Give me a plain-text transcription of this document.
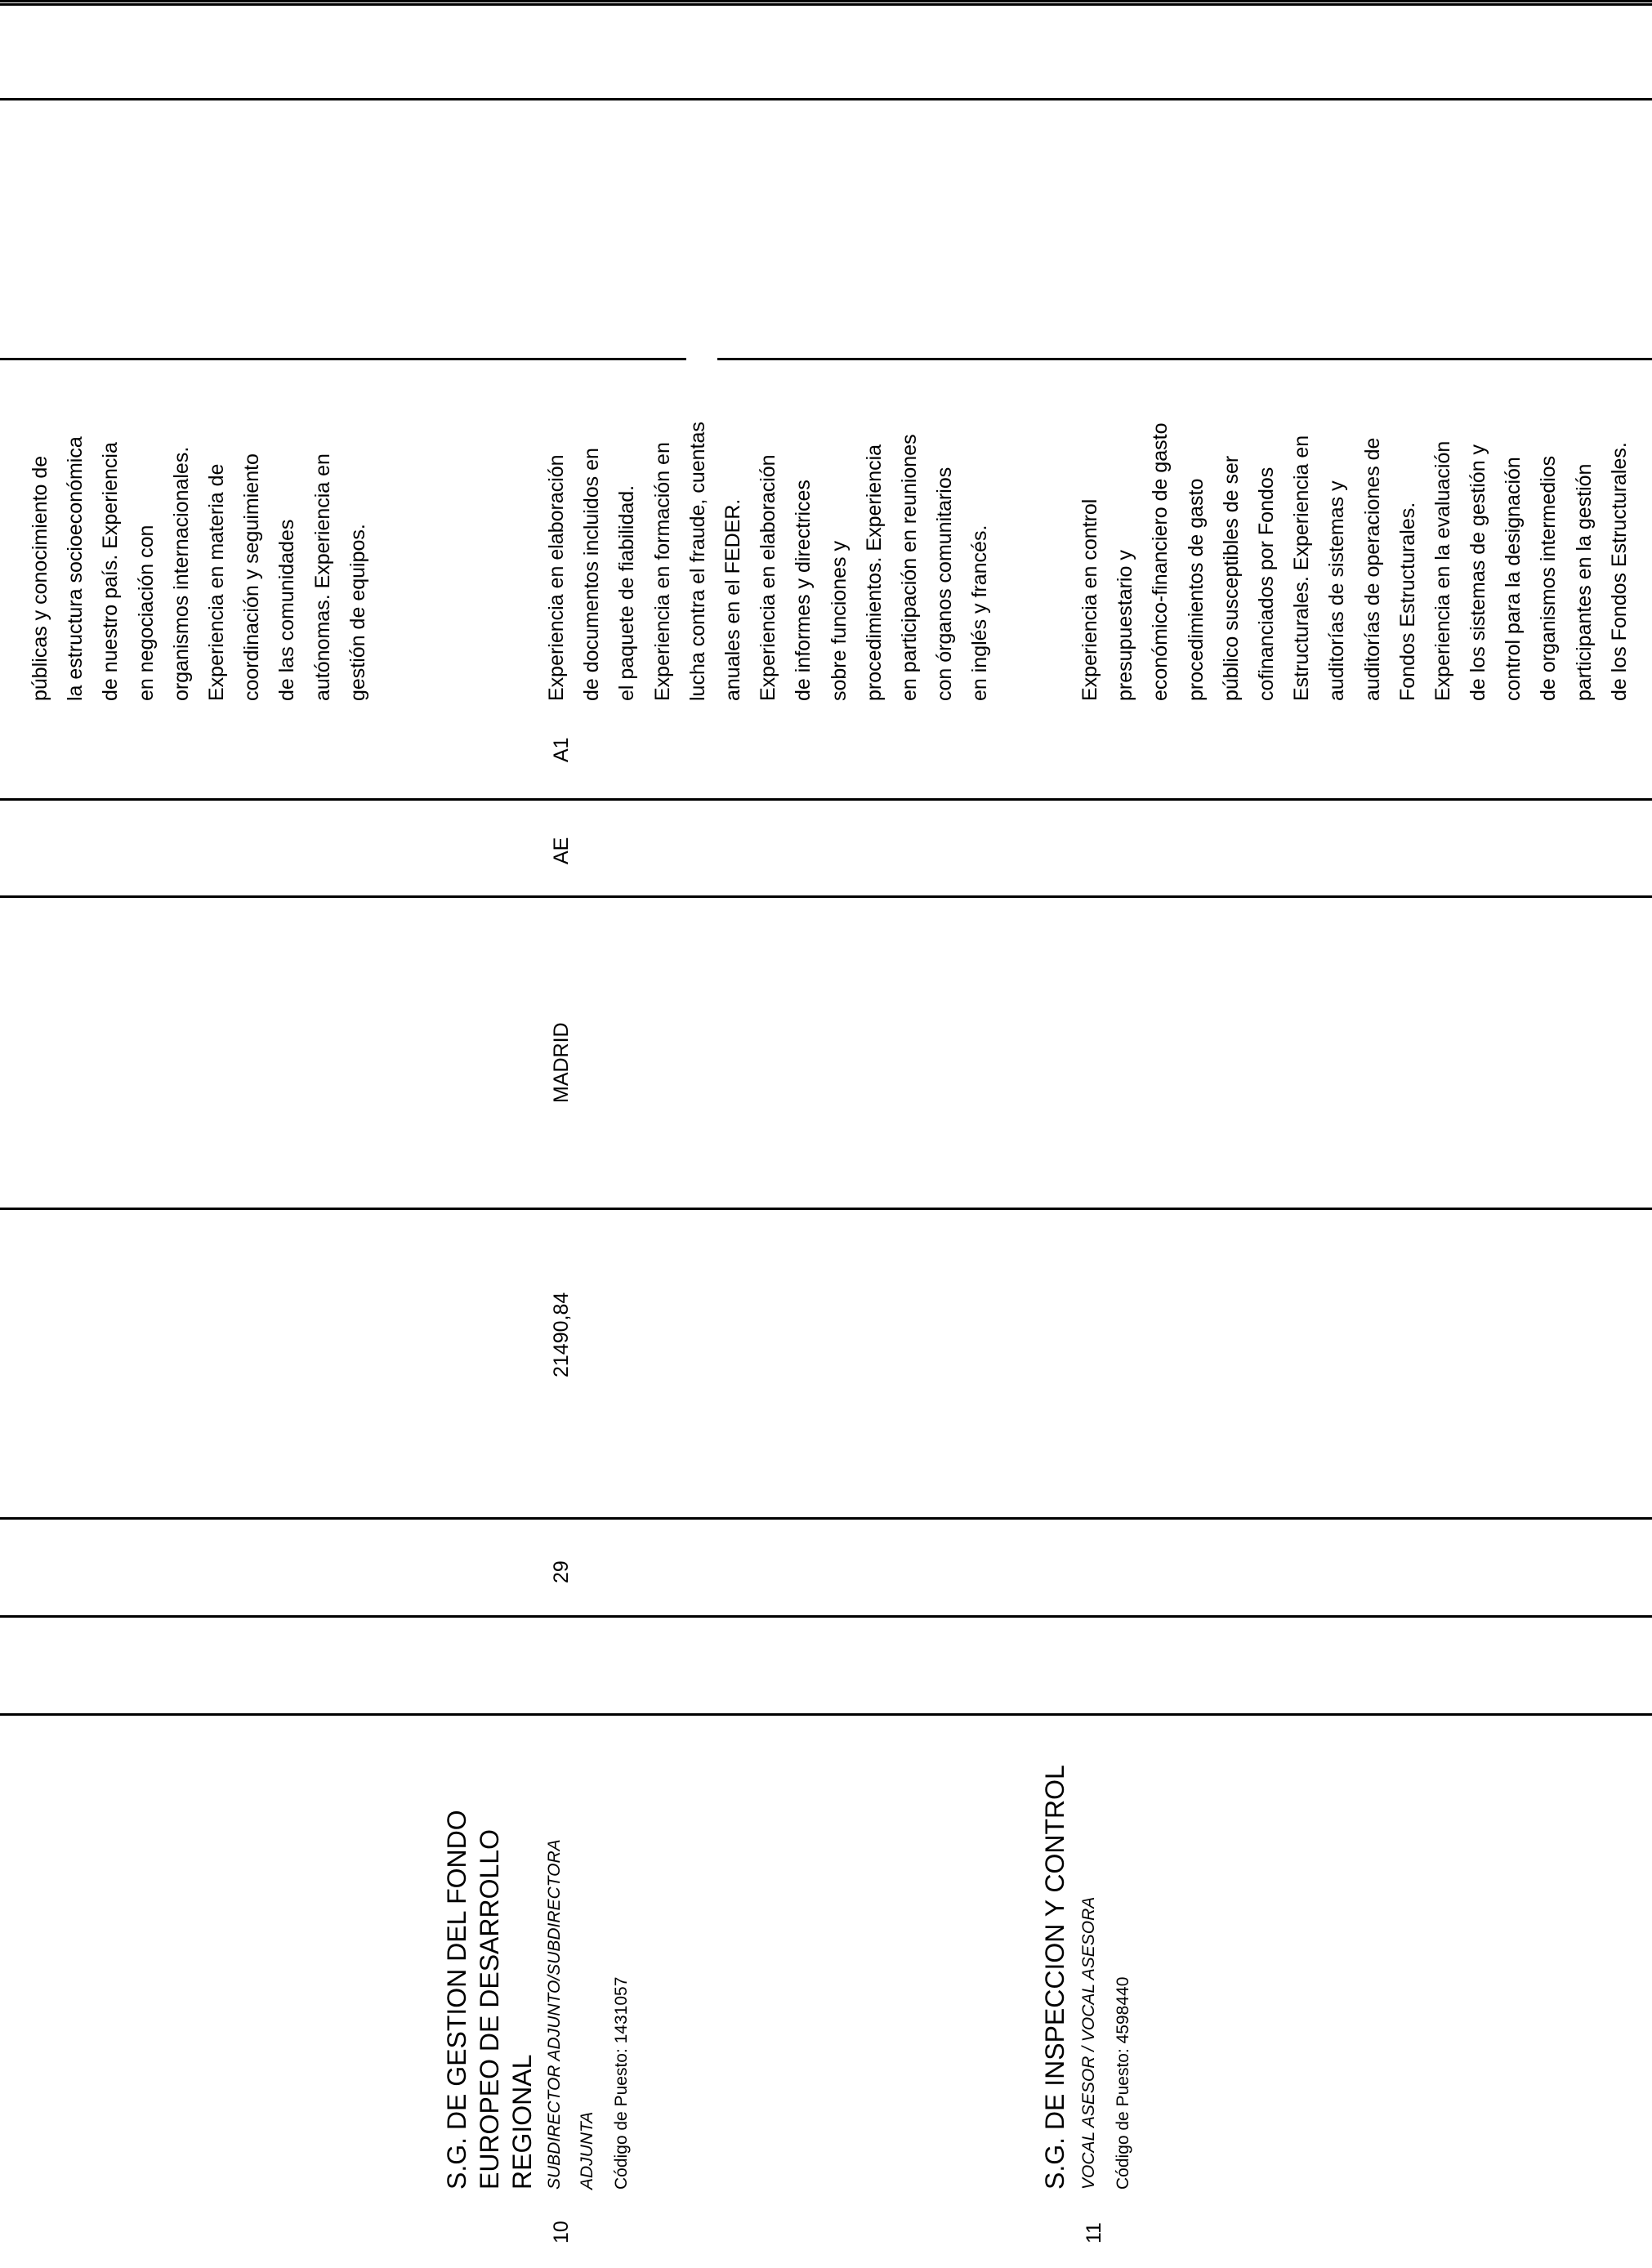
públicas y conocimiento de la estructura socioeconómica de nuestro país. Experiencia en negociación con organismos internacionales. Experiencia en materia de coordinación y seguimiento de las comunidades autónomas. Experiencia en gestión de equipos.
10
S.G. DE GESTION DEL FONDO EUROPEO DE DESARROLLO REGIONAL SUBDIRECTOR ADJUNTO/SUBDIRECTORA ADJUNTA Código de Puesto: 1431057
29
21490,84
MADRID
AE
A1
Experiencia en elaboración de documentos incluidos en el paquete de fiabilidad. Experiencia en formación en lucha contra el fraude, cuentas anuales en el FEDER. Experiencia en elaboración de informes y directrices sobre funciones y procedimientos. Experiencia en participación en reuniones con órganos comunitarios en inglés y francés.
11
S.G. DE INSPECCION Y CONTROL VOCAL ASESOR / VOCAL ASESORA Código de Puesto: 4598440
Experiencia en control presupuestario y económico-financiero de gasto procedimientos de gasto público susceptibles de ser cofinanciados por Fondos Estructurales. Experiencia en auditorías de sistemas y auditorías de operaciones de Fondos Estructurales. Experiencia en la evaluación de los sistemas de gestión y control para la designación de organismos intermedios participantes en la gestión de los Fondos Estructurales.
